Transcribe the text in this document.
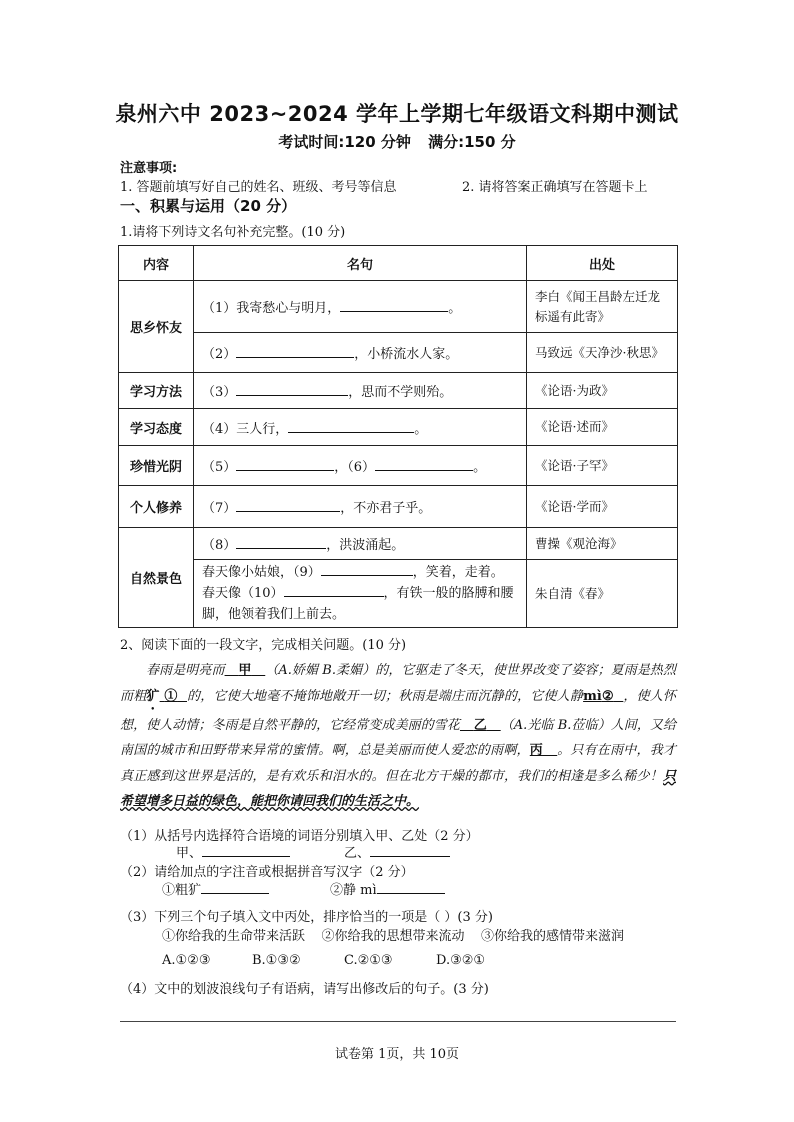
泉州六中 2023~2024 学年上学期七年级语文科期中测试
考试时间:120 分钟 满分:150 分
注意事项:
1. 答题前填写好自己的姓名、班级、考号等信息	2. 请将答案正确填写在答题卡上
一、积累与运用（20 分）
1.请将下列诗文名句补充完整。(10 分)
内容	名句	出处
思乡怀友	（1）我寄愁心与明月， 。	李白《闻王昌龄左迁龙标遥有此寄》
	（2） ，小桥流水人家。	马致远《天净沙·秋思》
学习方法	（3） ，思而不学则殆。	《论语·为政》
学习态度	（4）三人行， 。	《论语·述而》
珍惜光阴	（5） ，（6） 。	《论语·子罕》
个人修养	（7） ，不亦君子乎。	《论语·学而》
自然景色	（8） ，洪波涌起。	曹操《观沧海》

	春天像小姑娘，（9） ，笑着，走着。
春天像（10） ，有铁一般的胳膊和腰
脚，他领着我们上前去。	朱自清《春》
2、阅读下面的一段文字，完成相关问题。(10 分)
春雨是明亮而 甲 （A.娇媚 B.柔媚）的，它驱走了冬天，使世界改变了姿容；夏雨是热烈而粗犷 ① 的，它使大地毫不掩饰地敞开一切；秋雨是端庄而沉静的，它使人静mì② ，使人怀想，使人动情；冬雨是自然平静的，它经常变成美丽的雪花 乙 （A.光临 B.莅临）人间，又给南国的城市和田野带来异常的蜜情。啊，总是美丽而使人爱恋的雨啊，丙 。只有在雨中，我才真正感到这世界是活的，是有欢乐和泪水的。但在北方干燥的都市，我们的相逢是多么稀少！只希望增多日益的绿色，能把你请回我们的生活之中。
（1）从括号内选择符合语境的词语分别填入甲、乙处（2 分）
甲、	乙、
（2）请给加点的字注音或根据拼音写汉字（2 分）
①粗犷	②静 mì
（3）下列三个句子填入文中丙处，排序恰当的一项是（ ）(3 分)
①你给我的生命带来活跃    ②你给我的思想带来流动    ③你给我的感情带来滋润
A.①②③	B.①③②	C.②①③	D.③②①
（4）文中的划波浪线句子有语病，请写出修改后的句子。(3 分)
试卷第 1页，共 10页
